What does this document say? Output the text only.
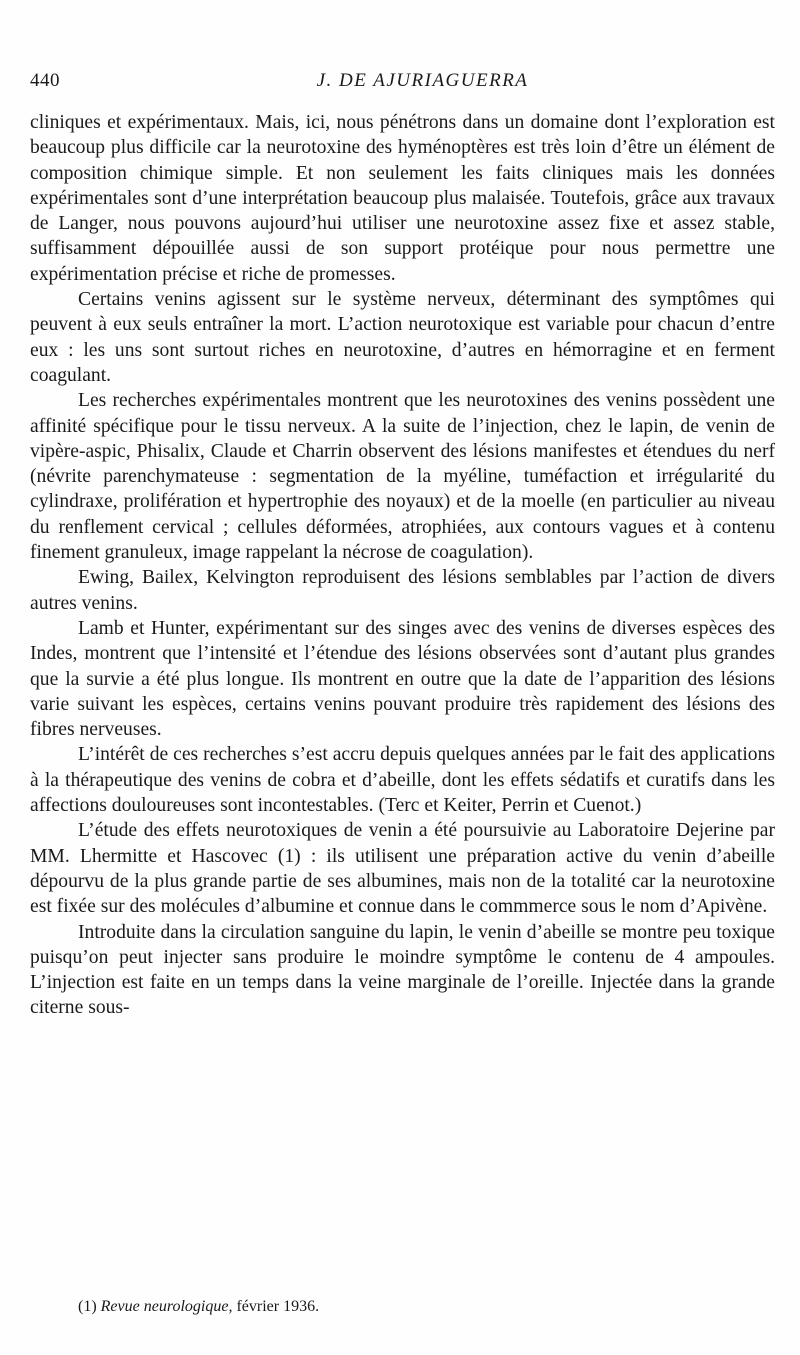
440	J. DE AJURIAGUERRA

cliniques et expérimentaux. Mais, ici, nous pénétrons dans un domaine dont l’exploration est beaucoup plus difficile car la neurotoxine des hyménoptères est très loin d’être un élément de composition chimique simple. Et non seulement les faits cliniques mais les données expérimentales sont d’une interprétation beaucoup plus malaisée. Toutefois, grâce aux travaux de Langer, nous pouvons aujourd’hui utiliser une neurotoxine assez fixe et assez stable, suffisamment dépouillée aussi de son support protéique pour nous permettre une expérimentation précise et riche de promesses.

Certains venins agissent sur le système nerveux, déterminant des symptômes qui peuvent à eux seuls entraîner la mort. L’action neurotoxique est variable pour chacun d’entre eux : les uns sont surtout riches en neurotoxine, d’autres en hémorragine et en ferment coagulant.

Les recherches expérimentales montrent que les neurotoxines des venins possèdent une affinité spécifique pour le tissu nerveux. A la suite de l’injection, chez le lapin, de venin de vipère-aspic, Phisalix, Claude et Charrin observent des lésions manifestes et étendues du nerf (névrite parenchymateuse : segmentation de la myéline, tuméfaction et irrégularité du cylindraxe, prolifération et hypertrophie des noyaux) et de la moelle (en particulier au niveau du renflement cervical ; cellules déformées, atrophiées, aux contours vagues et à contenu finement granuleux, image rappelant la nécrose de coagulation).

Ewing, Bailex, Kelvington reproduisent des lésions semblables par l’action de divers autres venins.

Lamb et Hunter, expérimentant sur des singes avec des venins de diverses espèces des Indes, montrent que l’intensité et l’étendue des lésions observées sont d’autant plus grandes que la survie a été plus longue. Ils montrent en outre que la date de l’apparition des lésions varie suivant les espèces, certains venins pouvant produire très rapidement des lésions des fibres nerveuses.

L’intérêt de ces recherches s’est accru depuis quelques années par le fait des applications à la thérapeutique des venins de cobra et d’abeille, dont les effets sédatifs et curatifs dans les affections douloureuses sont incontestables. (Terc et Keiter, Perrin et Cuenot.)

L’étude des effets neurotoxiques de venin a été poursuivie au Laboratoire Dejerine par MM. Lhermitte et Hascovec (1) : ils utilisent une préparation active du venin d’abeille dépourvu de la plus grande partie de ses albumines, mais non de la totalité car la neurotoxine est fixée sur des molécules d’albumine et connue dans le commmerce sous le nom d’Apivène.

Introduite dans la circulation sanguine du lapin, le venin d’abeille se montre peu toxique puisqu’on peut injecter sans produire le moindre symptôme le contenu de 4 ampoules. L’injection est faite en un temps dans la veine marginale de l’oreille. Injectée dans la grande citerne sous-

(1) Revue neurologique, février 1936.
